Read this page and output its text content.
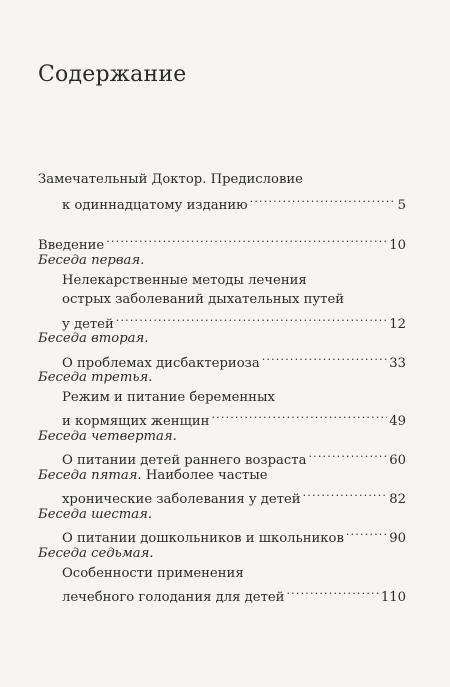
Содержание
Замечательный Доктор. Предисловие
к одиннадцатому изданию .....	5
Введение .....	10
Беседа первая.
Нелекарственные методы лечения
острых заболеваний дыхательных путей
у детей .....	12
Беседа вторая.
О проблемах дисбактериоза .....	33
Беседа третья.
Режим и питание беременных
и кормящих женщин .....	49
Беседа четвертая.
О питании детей раннего возраста .....	60
Беседа пятая. Наиболее частые
хронические заболевания у детей .....	82
Беседа шестая.
О питании дошкольников и школьников .....	90
Беседа седьмая.
Особенности применения
лечебного голодания для детей .....	110
